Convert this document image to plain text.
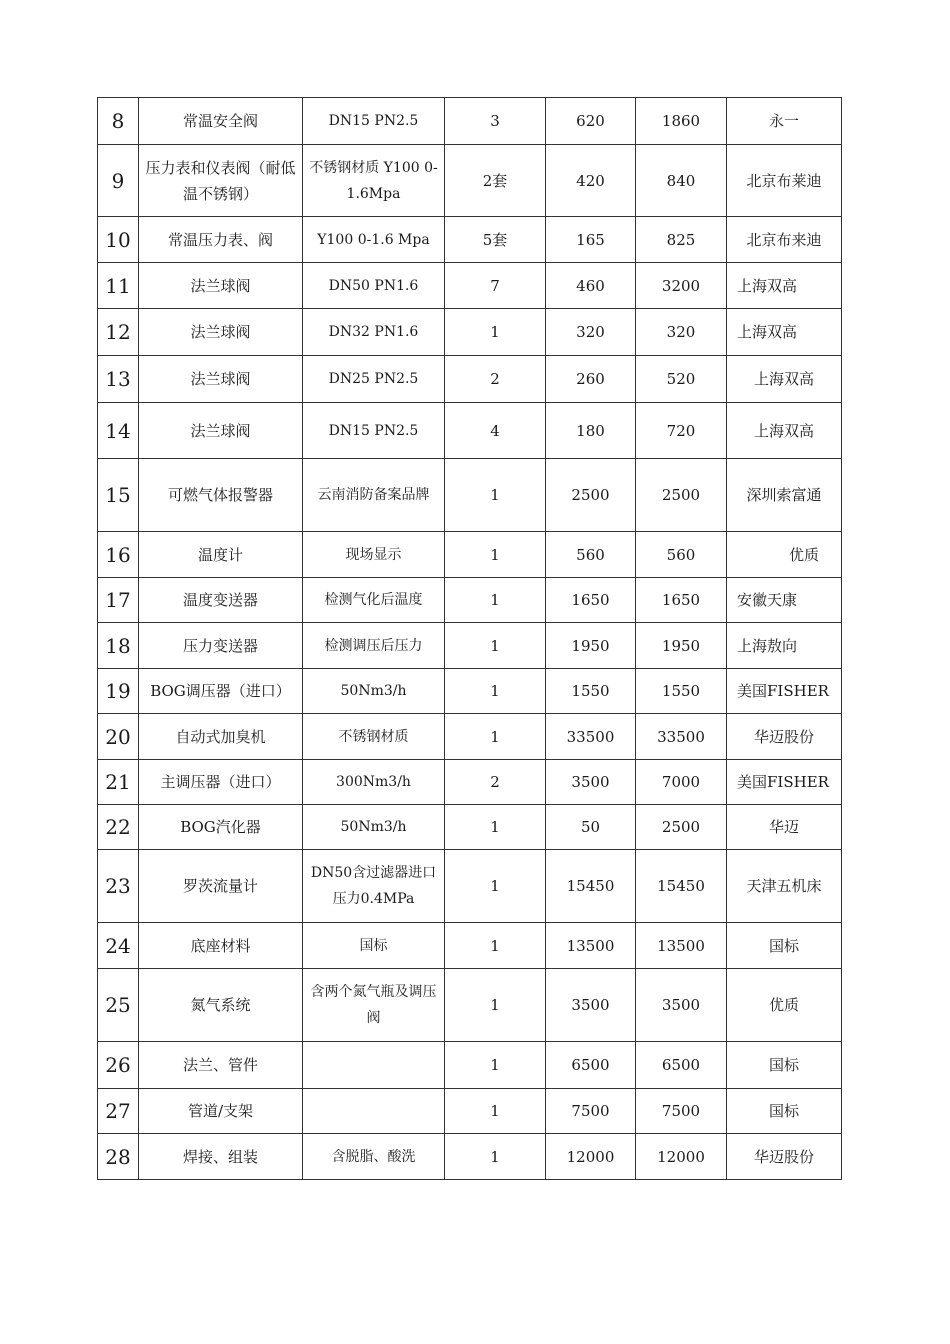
8	常温安全阀	DN15 PN2.5	3	620	1860	永一
9	压力表和仪表阀（耐低温不锈钢）	不锈钢材质 Y100 0-1.6Mpa	2套	420	840	北京布莱迪
10	常温压力表、阀	Y100 0-1.6 Mpa	5套	165	825	北京布来迪
11	法兰球阀	DN50 PN1.6	7	460	3200	上海双高
12	法兰球阀	DN32 PN1.6	1	320	320	上海双高
13	法兰球阀	DN25 PN2.5	2	260	520	上海双高
14	法兰球阀	DN15 PN2.5	4	180	720	上海双高
15	可燃气体报警器	云南消防备案品牌	1	2500	2500	深圳索富通
16	温度计	现场显示	1	560	560	优质
17	温度变送器	检测气化后温度	1	1650	1650	安徽天康
18	压力变送器	检测调压后压力	1	1950	1950	上海敖向
19	BOG调压器（进口）	50Nm3/h	1	1550	1550	美国FISHER
20	自动式加臭机	不锈钢材质	1	33500	33500	华迈股份
21	主调压器（进口）	300Nm3/h	2	3500	7000	美国FISHER
22	BOG汽化器	50Nm3/h	1	50	2500	华迈
23	罗茨流量计	DN50含过滤器进口压力0.4MPa	1	15450	15450	天津五机床
24	底座材料	国标	1	13500	13500	国标
25	氮气系统	含两个氮气瓶及调压阀	1	3500	3500	优质
26	法兰、管件		1	6500	6500	国标
27	管道/支架		1	7500	7500	国标
28	焊接、组装	含脱脂、酸洗	1	12000	12000	华迈股份
